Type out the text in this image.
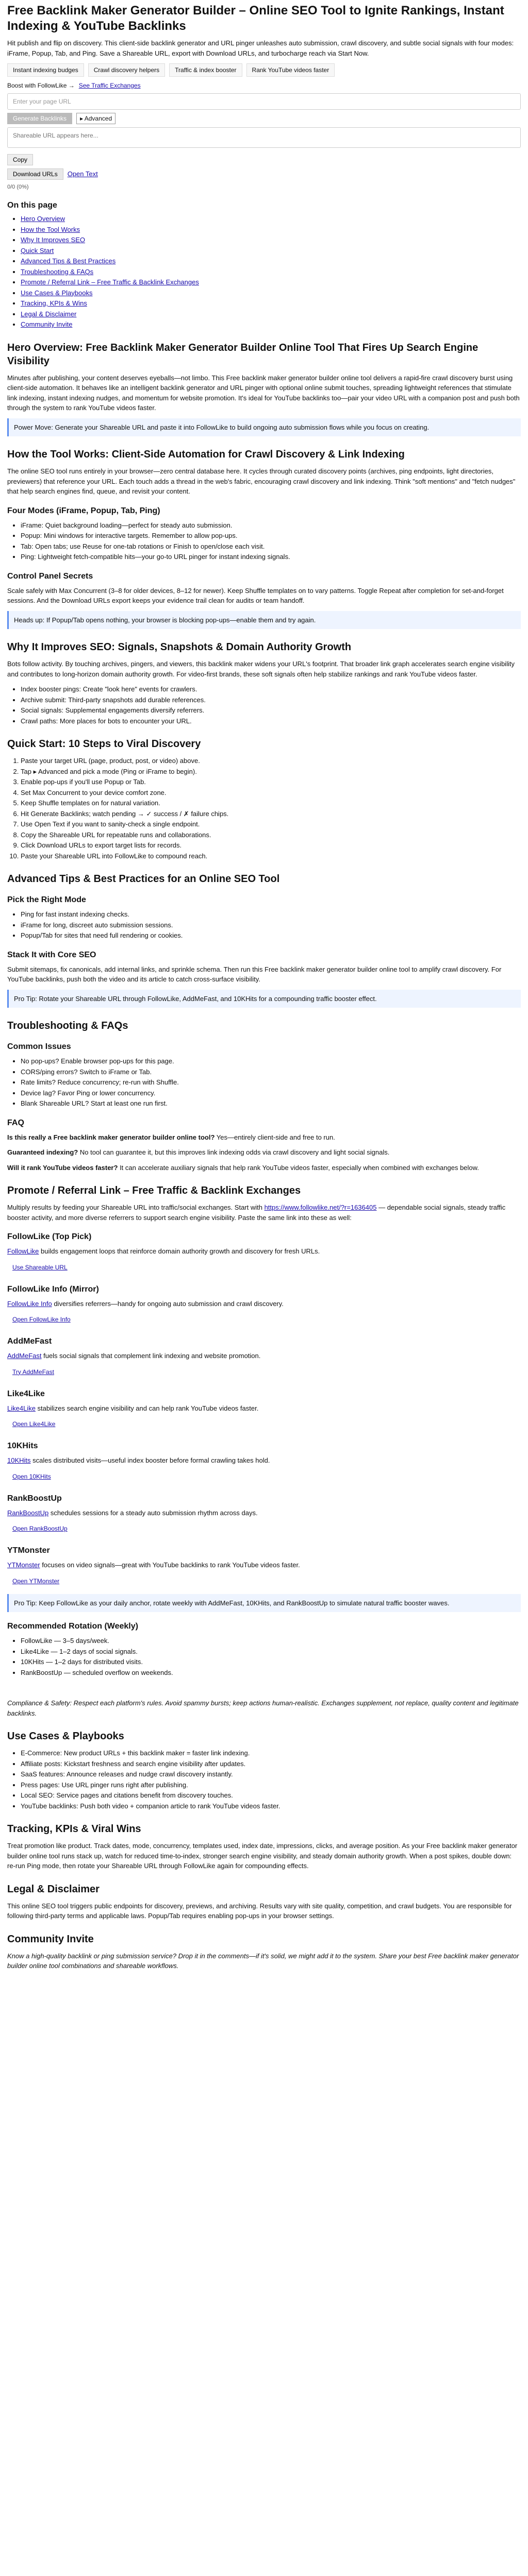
Free Backlink Maker Generator Builder – Online SEO Tool to Ignite Rankings, Instant Indexing & YouTube Backlinks

Hit publish and flip on discovery. This client-side backlink generator and URL pinger unleashes auto submission, crawl discovery, and subtle social signals with four modes: iFrame, Popup, Tab, and Ping. Save a Shareable URL, export with Download URLs, and turbocharge reach via Start Now.

Instant indexing budges	Crawl discovery helpers	Traffic & index booster	Rank YouTube videos faster
Boost with FollowLike → See Traffic Exchanges
Enter your page URL
Generate Backlinks	▸ Advanced
Shareable URL appears here...
Copy
Download URLs	Open Text
0/0 (0%)
On this page
• Hero Overview
• How the Tool Works
• Why It Improves SEO
• Quick Start
• Advanced Tips & Best Practices
• Troubleshooting & FAQs
• Promote / Referral Link – Free Traffic & Backlink Exchanges
• Use Cases & Playbooks
• Tracking, KPIs & Wins
• Legal & Disclaimer
• Community Invite
Hero Overview: Free Backlink Maker Generator Builder Online Tool That Fires Up Search Engine Visibility

Minutes after publishing, your content deserves eyeballs—not limbo. This Free backlink maker generator builder online tool delivers a rapid-fire crawl discovery burst using client-side automation. It behaves like an intelligent backlink generator and URL pinger with optional online submit touches, spreading lightweight references that stimulate link indexing, instant indexing nudges, and momentum for website promotion. It's ideal for YouTube backlinks too—pair your video URL with a companion post and push both through the system to rank YouTube videos faster.

Power Move: Generate your Shareable URL and paste it into FollowLike to build ongoing auto submission flows while you focus on creating.
How the Tool Works: Client-Side Automation for Crawl Discovery & Link Indexing

The online SEO tool runs entirely in your browser—zero central database here. It cycles through curated discovery points (archives, ping endpoints, light directories, previewers) that reference your URL. Each touch adds a thread in the web's fabric, encouraging crawl discovery and link indexing. Think "soft mentions" and "fetch nudges" that help search engines find, queue, and revisit your content.

Four Modes (iFrame, Popup, Tab, Ping)
• iFrame: Quiet background loading—perfect for steady auto submission.
• Popup: Mini windows for interactive targets. Remember to allow pop-ups.
• Tab: Open tabs; use Reuse for one-tab rotations or Finish to open/close each visit.
• Ping: Lightweight fetch-compatible hits—your go-to URL pinger for instant indexing signals.
Control Panel Secrets

Scale safely with Max Concurrent (3–8 for older devices, 8–12 for newer). Keep Shuffle templates on to vary patterns. Toggle Repeat after completion for set-and-forget sessions. And the Download URLs export keeps your evidence trail clean for audits or team handoff.

Heads up: If Popup/Tab opens nothing, your browser is blocking pop-ups—enable them and try again.
Why It Improves SEO: Signals, Snapshots & Domain Authority Growth

Bots follow activity. By touching archives, pingers, and viewers, this backlink maker widens your URL's footprint. That broader link graph accelerates search engine visibility and contributes to long-horizon domain authority growth. For video-first brands, these soft signals often help stabilize rankings and rank YouTube videos faster.

• Index booster pings: Create "look here" events for crawlers.
• Archive submit: Third-party snapshots add durable references.
• Social signals: Supplemental engagements diversify referrers.
• Crawl paths: More places for bots to encounter your URL.
Quick Start: 10 Steps to Viral Discovery
1. Paste your target URL (page, product, post, or video) above.
2. Tap ▸ Advanced and pick a mode (Ping or iFrame to begin).
3. Enable pop-ups if you'll use Popup or Tab.
4. Set Max Concurrent to your device comfort zone.
5. Keep Shuffle templates on for natural variation.
6. Hit Generate Backlinks; watch pending → ✓ success / ✗ failure chips.
7. Use Open Text if you want to sanity-check a single endpoint.
8. Copy the Shareable URL for repeatable runs and collaborations.
9. Click Download URLs to export target lists for records.
10. Paste your Shareable URL into FollowLike to compound reach.
Advanced Tips & Best Practices for an Online SEO Tool
Pick the Right Mode
• Ping for fast instant indexing checks.
• iFrame for long, discreet auto submission sessions.
• Popup/Tab for sites that need full rendering or cookies.
Stack It with Core SEO

Submit sitemaps, fix canonicals, add internal links, and sprinkle schema. Then run this Free backlink maker generator builder online tool to amplify crawl discovery. For YouTube backlinks, push both the video and its article to catch cross-surface visibility.

Pro Tip: Rotate your Shareable URL through FollowLike, AddMeFast, and 10KHits for a compounding traffic booster effect.
Troubleshooting & FAQs
Common Issues
• No pop-ups? Enable browser pop-ups for this page.
• CORS/ping errors? Switch to iFrame or Tab.
• Rate limits? Reduce concurrency; re-run with Shuffle.
• Device lag? Favor Ping or lower concurrency.
• Blank Shareable URL? Start at least one run first.
FAQ

Is this really a Free backlink maker generator builder online tool? Yes—entirely client-side and free to run.

Guaranteed indexing? No tool can guarantee it, but this improves link indexing odds via crawl discovery and light social signals.

Will it rank YouTube videos faster? It can accelerate auxiliary signals that help rank YouTube videos faster, especially when combined with exchanges below.

Promote / Referral Link – Free Traffic & Backlink Exchanges

Multiply results by feeding your Shareable URL into traffic/social exchanges. Start with https://www.followlike.net/?r=1636405 — dependable social signals, steady traffic booster activity, and more diverse referrers to support search engine visibility. Paste the same link into these as well:

FollowLike (Top Pick)

FollowLike builds engagement loops that reinforce domain authority growth and discovery for fresh URLs.

Use Shareable URL
FollowLike Info (Mirror)

FollowLike Info diversifies referrers—handy for ongoing auto submission and crawl discovery.

Open FollowLike Info
AddMeFast

AddMeFast fuels social signals that complement link indexing and website promotion.

Try AddMeFast
Like4Like

Like4Like stabilizes search engine visibility and can help rank YouTube videos faster.

Open Like4Like
10KHits

10KHits scales distributed visits—useful index booster before formal crawling takes hold.

Open 10KHits
RankBoostUp

RankBoostUp schedules sessions for a steady auto submission rhythm across days.

Open RankBoostUp
YTMonster

YTMonster focuses on video signals—great with YouTube backlinks to rank YouTube videos faster.

Open YTMonster
Pro Tip: Keep FollowLike as your daily anchor, rotate weekly with AddMeFast, 10KHits, and RankBoostUp to simulate natural traffic booster waves.
Recommended Rotation (Weekly)
• FollowLike — 3–5 days/week.
• Like4Like — 1–2 days of social signals.
• 10KHits — 1–2 days for distributed visits.
• RankBoostUp — scheduled overflow on weekends.

Compliance & Safety: Respect each platform's rules. Avoid spammy bursts; keep actions human-realistic. Exchanges supplement, not replace, quality content and legitimate backlinks.

Use Cases & Playbooks
• E-Commerce: New product URLs + this backlink maker = faster link indexing.
• Affiliate posts: Kickstart freshness and search engine visibility after updates.
• SaaS features: Announce releases and nudge crawl discovery instantly.
• Press pages: Use URL pinger runs right after publishing.
• Local SEO: Service pages and citations benefit from discovery touches.
• YouTube backlinks: Push both video + companion article to rank YouTube videos faster.
Tracking, KPIs & Viral Wins

Treat promotion like product. Track dates, mode, concurrency, templates used, index date, impressions, clicks, and average position. As your Free backlink maker generator builder online tool runs stack up, watch for reduced time-to-index, stronger search engine visibility, and steady domain authority growth. When a post spikes, double down: re-run Ping mode, then rotate your Shareable URL through FollowLike again for compounding effects.

Legal & Disclaimer

This online SEO tool triggers public endpoints for discovery, previews, and archiving. Results vary with site quality, competition, and crawl budgets. You are responsible for following third-party terms and applicable laws. Popup/Tab requires enabling pop-ups in your browser settings.

Community Invite

Know a high-quality backlink or ping submission service? Drop it in the comments—if it's solid, we might add it to the system. Share your best Free backlink maker generator builder online tool combinations and shareable workflows.
